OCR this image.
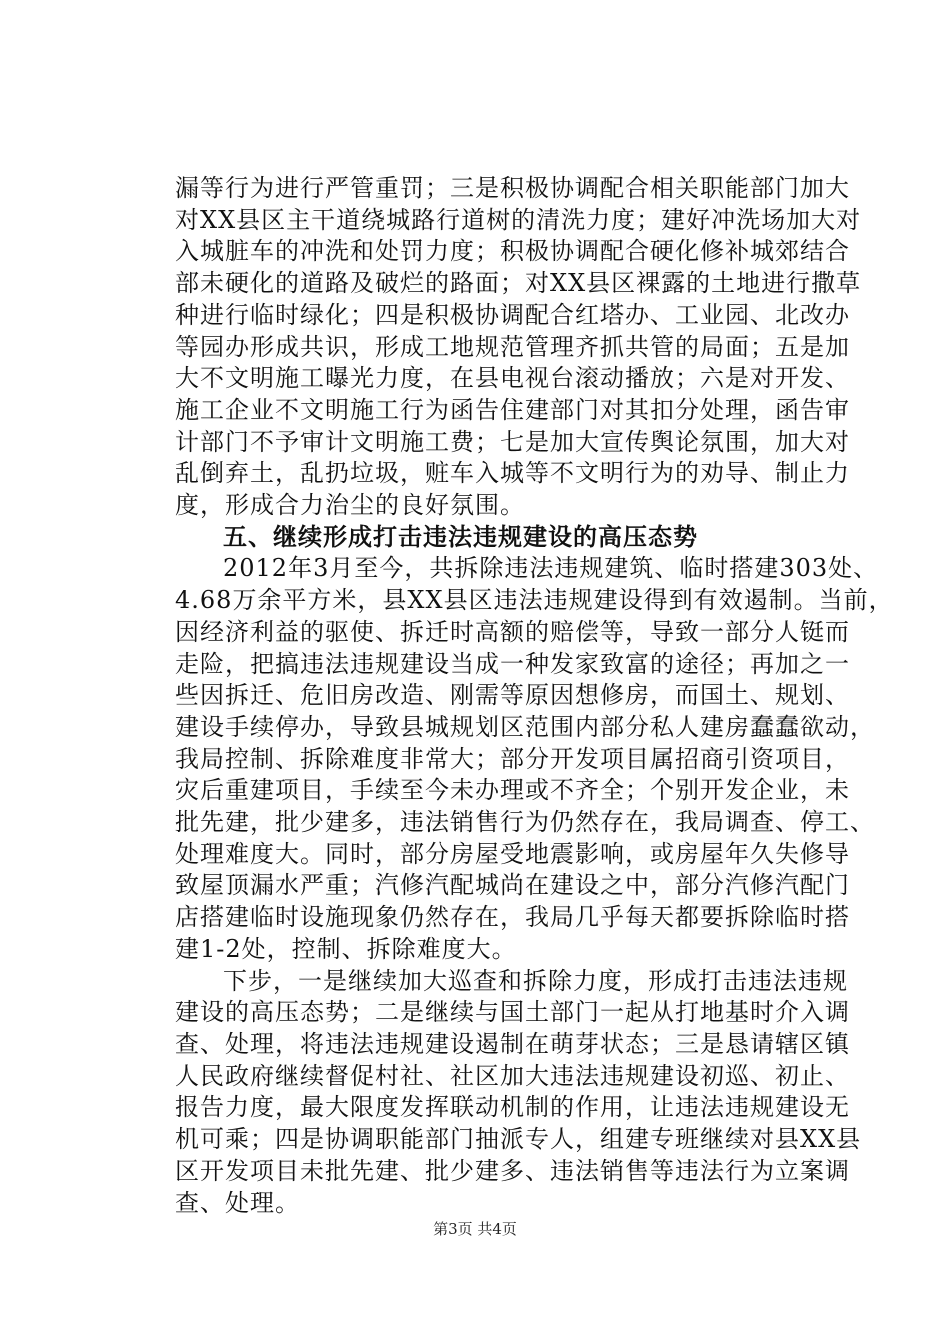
漏等行为进行严管重罚；三是积极协调配合相关职能部门加大
对XX县区主干道绕城路行道树的清洗力度；建好冲洗场加大对
入城脏车的冲洗和处罚力度；积极协调配合硬化修补城郊结合
部未硬化的道路及破烂的路面；对XX县区裸露的土地进行撒草
种进行临时绿化；四是积极协调配合红塔办、工业园、北改办
等园办形成共识，形成工地规范管理齐抓共管的局面；五是加
大不文明施工曝光力度，在县电视台滚动播放；六是对开发、
施工企业不文明施工行为函告住建部门对其扣分处理，函告审
计部门不予审计文明施工费；七是加大宣传舆论氛围，加大对
乱倒弃土，乱扔垃圾，赃车入城等不文明行为的劝导、制止力
度，形成合力治尘的良好氛围。

五、继续形成打击违法违规建设的高压态势

2012年3月至今，共拆除违法违规建筑、临时搭建303处、
4.68万余平方米，县XX县区违法违规建设得到有效遏制。当前，
因经济利益的驱使、拆迁时高额的赔偿等，导致一部分人铤而
走险，把搞违法违规建设当成一种发家致富的途径；再加之一
些因拆迁、危旧房改造、刚需等原因想修房，而国土、规划、
建设手续停办，导致县城规划区范围内部分私人建房蠢蠢欲动，
我局控制、拆除难度非常大；部分开发项目属招商引资项目，
灾后重建项目，手续至今未办理或不齐全；个别开发企业，未
批先建，批少建多，违法销售行为仍然存在，我局调查、停工、
处理难度大。同时，部分房屋受地震影响，或房屋年久失修导
致屋顶漏水严重；汽修汽配城尚在建设之中，部分汽修汽配门
店搭建临时设施现象仍然存在，我局几乎每天都要拆除临时搭
建1-2处，控制、拆除难度大。

下步，一是继续加大巡查和拆除力度，形成打击违法违规
建设的高压态势；二是继续与国土部门一起从打地基时介入调
查、处理，将违法违规建设遏制在萌芽状态；三是恳请辖区镇
人民政府继续督促村社、社区加大违法违规建设初巡、初止、
报告力度，最大限度发挥联动机制的作用，让违法违规建设无
机可乘；四是协调职能部门抽派专人，组建专班继续对县XX县
区开发项目未批先建、批少建多、违法销售等违法行为立案调
查、处理。

第3页 共4页
